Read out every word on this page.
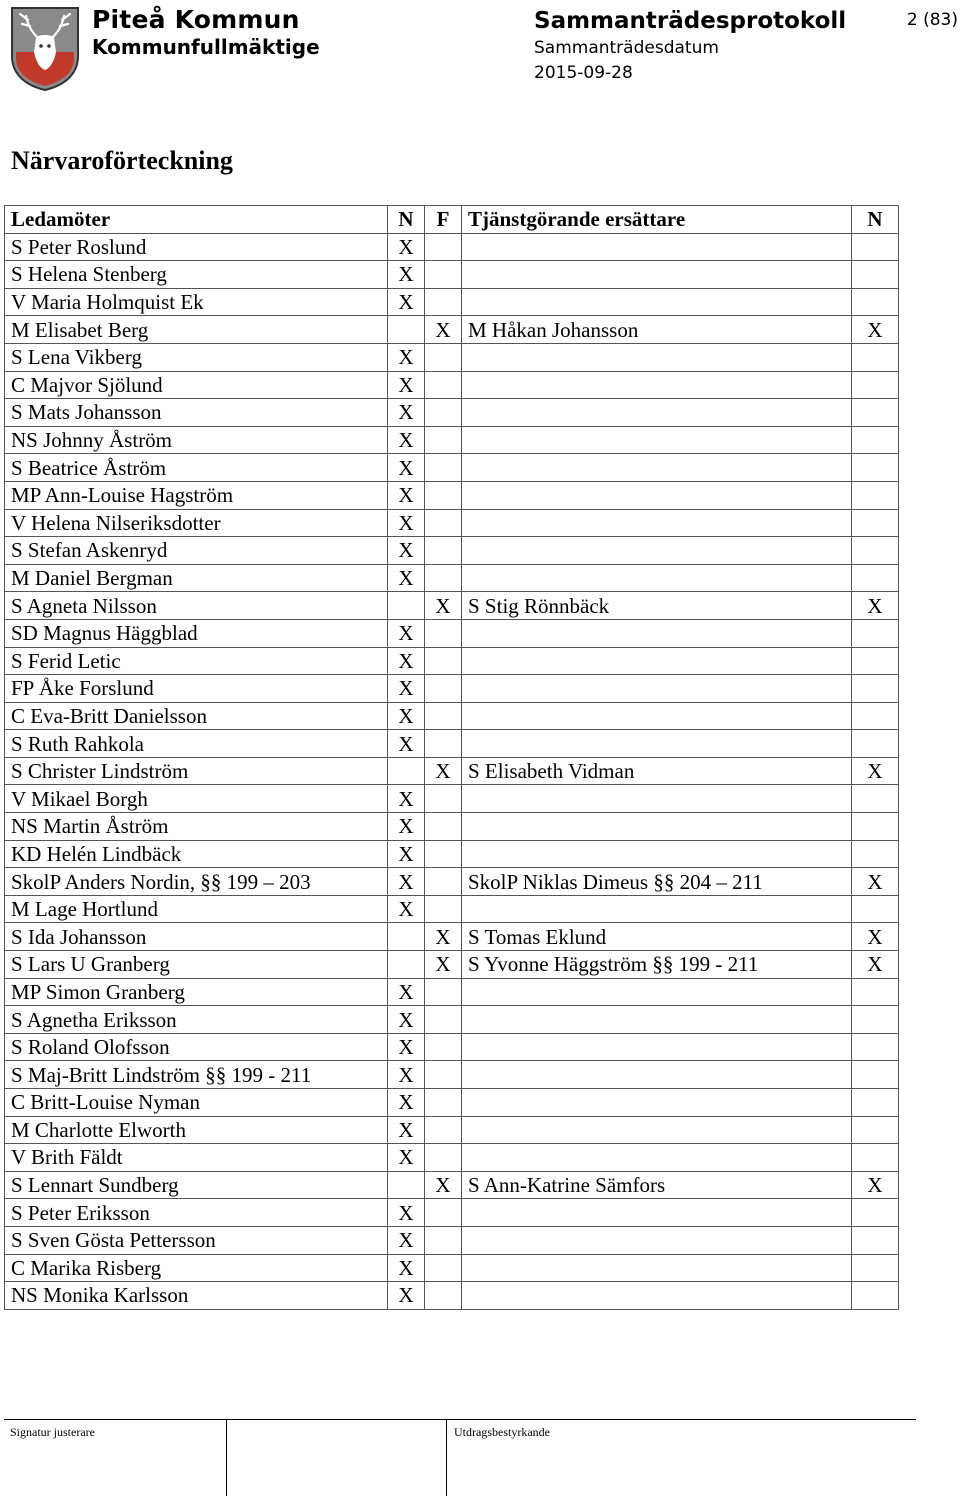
Piteå Kommun
Kommunfullmäktige
Sammanträdesprotokoll
Sammanträdesdatum
2015-09-28
2 (83)
Närvaroförteckning
Ledamöter	N	F	Tjänstgörande ersättare	N
S Peter Roslund	X			
S Helena Stenberg	X			
V Maria Holmquist Ek	X			
M Elisabet Berg		X	M Håkan Johansson	X
S Lena Vikberg	X			
C Majvor Sjölund	X			
S Mats Johansson	X			
NS Johnny Åström	X			
S Beatrice Åström	X			
MP Ann-Louise Hagström	X			
V Helena Nilseriksdotter	X			
S Stefan Askenryd	X			
M Daniel Bergman	X			
S Agneta Nilsson		X	S Stig Rönnbäck	X
SD Magnus Häggblad	X			
S Ferid Letic	X			
FP Åke Forslund	X			
C Eva-Britt Danielsson	X			
S Ruth Rahkola	X			
S Christer Lindström		X	S Elisabeth Vidman	X
V Mikael Borgh	X			
NS Martin Åström	X			
KD Helén Lindbäck	X			
SkolP Anders Nordin, §§ 199 – 203	X		SkolP Niklas Dimeus §§ 204 – 211	X
M Lage Hortlund	X			
S Ida Johansson		X	S Tomas Eklund	X
S Lars U Granberg		X	S Yvonne Häggström §§ 199 - 211	X
MP Simon Granberg	X			
S Agnetha Eriksson	X			
S Roland Olofsson	X			
S Maj-Britt Lindström §§ 199 - 211	X			
C Britt-Louise Nyman	X			
M Charlotte Elworth	X			
V Brith Fäldt	X			
S Lennart Sundberg		X	S Ann-Katrine Sämfors	X
S Peter Eriksson	X			
S Sven Gösta Pettersson	X			
C Marika Risberg	X			
NS Monika Karlsson	X			
Signatur justerare	Utdragsbestyrkande
